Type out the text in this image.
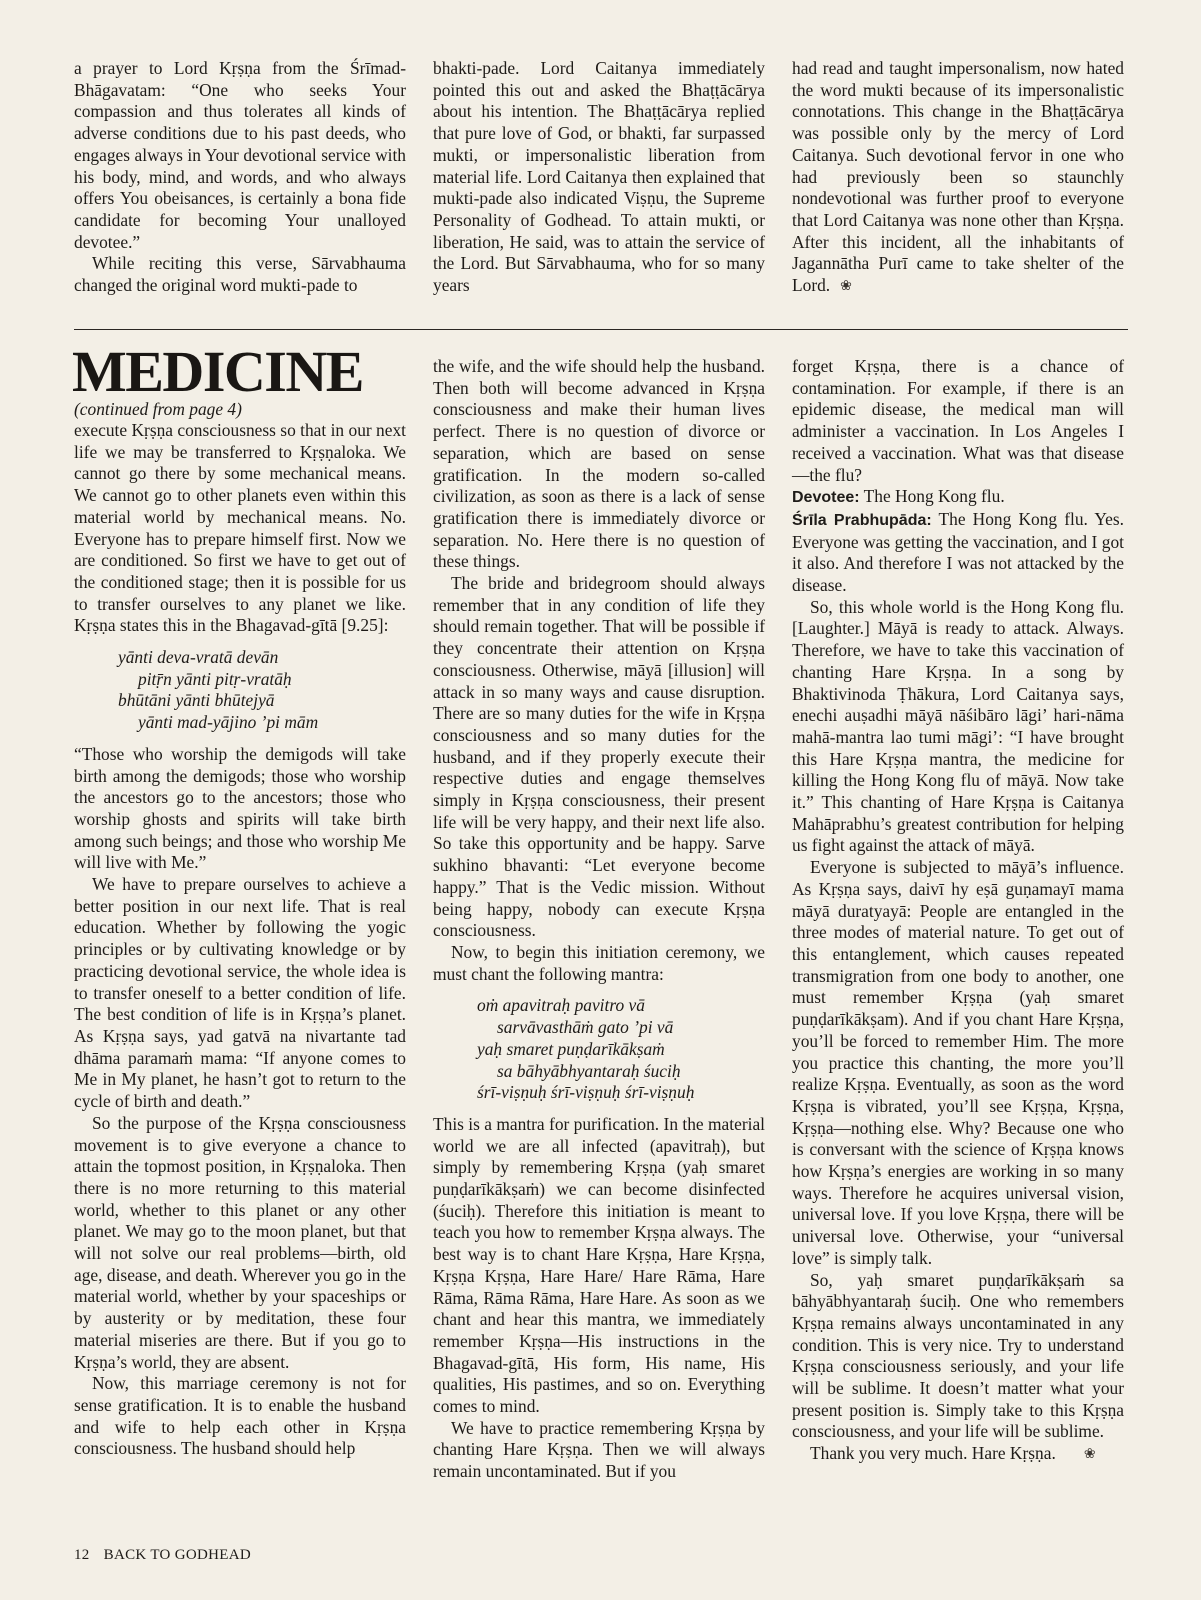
a prayer to Lord Kṛṣṇa from the Śrīmad-Bhāgavatam: “One who seeks Your compassion and thus tolerates all kinds of adverse conditions due to his past deeds, who engages always in Your devotional service with his body, mind, and words, and who always offers You obeisances, is certainly a bona fide candidate for becoming Your unalloyed devotee.”

While reciting this verse, Sārvabhauma changed the original word mukti-pade to

bhakti-pade. Lord Caitanya immediately pointed this out and asked the Bhaṭṭācārya about his intention. The Bhaṭṭācārya replied that pure love of God, or bhakti, far surpassed mukti, or impersonalistic liberation from material life. Lord Caitanya then explained that mukti-pade also indicated Viṣṇu, the Supreme Personality of Godhead. To attain mukti, or liberation, He said, was to attain the service of the Lord. But Sārvabhauma, who for so many years

had read and taught impersonalism, now hated the word mukti because of its impersonalistic connotations. This change in the Bhaṭṭācārya was possible only by the mercy of Lord Caitanya. Such devotional fervor in one who had previously been so staunchly nondevotional was further proof to everyone that Lord Caitanya was none other than Kṛṣṇa. After this incident, all the inhabitants of Jagannātha Purī came to take shelter of the Lord. ❀

MEDICINE
(continued from page 4)

execute Kṛṣṇa consciousness so that in our next life we may be transferred to Kṛṣṇaloka. We cannot go there by some mechanical means. We cannot go to other planets even within this material world by mechanical means. No. Everyone has to prepare himself first. Now we are conditioned. So first we have to get out of the conditioned stage; then it is possible for us to transfer ourselves to any planet we like. Kṛṣṇa states this in the Bhagavad-gītā [9.25]:

yānti deva-vratā devān
pitṝn yānti pitṛ-vratāḥ
bhūtāni yānti bhūtejyā
yānti mad-yājino ’pi mām

“Those who worship the demigods will take birth among the demigods; those who worship the ancestors go to the ancestors; those who worship ghosts and spirits will take birth among such beings; and those who worship Me will live with Me.”

We have to prepare ourselves to achieve a better position in our next life. That is real education. Whether by following the yogic principles or by cultivating knowledge or by practicing devotional service, the whole idea is to transfer oneself to a better condition of life. The best condition of life is in Kṛṣṇa’s planet. As Kṛṣṇa says, yad gatvā na nivartante tad dhāma paramaṁ mama: “If anyone comes to Me in My planet, he hasn’t got to return to the cycle of birth and death.”

So the purpose of the Kṛṣṇa consciousness movement is to give everyone a chance to attain the topmost position, in Kṛṣṇaloka. Then there is no more returning to this material world, whether to this planet or any other planet. We may go to the moon planet, but that will not solve our real problems—birth, old age, disease, and death. Wherever you go in the material world, whether by your spaceships or by austerity or by meditation, these four material miseries are there. But if you go to Kṛṣṇa’s world, they are absent.

Now, this marriage ceremony is not for sense gratification. It is to enable the husband and wife to help each other in Kṛṣṇa consciousness. The husband should help

the wife, and the wife should help the husband. Then both will become advanced in Kṛṣṇa consciousness and make their human lives perfect. There is no question of divorce or separation, which are based on sense gratification. In the modern so-called civilization, as soon as there is a lack of sense gratification there is immediately divorce or separation. No. Here there is no question of these things.

The bride and bridegroom should always remember that in any condition of life they should remain together. That will be possible if they concentrate their attention on Kṛṣṇa consciousness. Otherwise, māyā [illusion] will attack in so many ways and cause disruption. There are so many duties for the wife in Kṛṣṇa consciousness and so many duties for the husband, and if they properly execute their respective duties and engage themselves simply in Kṛṣṇa consciousness, their present life will be very happy, and their next life also. So take this opportunity and be happy. Sarve sukhino bhavanti: “Let everyone become happy.” That is the Vedic mission. Without being happy, nobody can execute Kṛṣṇa consciousness.

Now, to begin this initiation ceremony, we must chant the following mantra:

oṁ apavitraḥ pavitro vā
sarvāvasthāṁ gato ’pi vā
yaḥ smaret puṇḍarīkākṣaṁ
sa bāhyābhyantaraḥ śuciḥ
śrī-viṣṇuḥ śrī-viṣṇuḥ śrī-viṣṇuḥ

This is a mantra for purification. In the material world we are all infected (apavitraḥ), but simply by remembering Kṛṣṇa (yaḥ smaret puṇḍarīkākṣaṁ) we can become disinfected (śuciḥ). Therefore this initiation is meant to teach you how to remember Kṛṣṇa always. The best way is to chant Hare Kṛṣṇa, Hare Kṛṣṇa, Kṛṣṇa Kṛṣṇa, Hare Hare/ Hare Rāma, Hare Rāma, Rāma Rāma, Hare Hare. As soon as we chant and hear this mantra, we immediately remember Kṛṣṇa—His instructions in the Bhagavad-gītā, His form, His name, His qualities, His pastimes, and so on. Everything comes to mind.

We have to practice remembering Kṛṣṇa by chanting Hare Kṛṣṇa. Then we will always remain uncontaminated. But if you

forget Kṛṣṇa, there is a chance of contamination. For example, if there is an epidemic disease, the medical man will administer a vaccination. In Los Angeles I received a vaccination. What was that disease—the flu?

Devotee: The Hong Kong flu.

Śrīla Prabhupāda: The Hong Kong flu. Yes. Everyone was getting the vaccination, and I got it also. And therefore I was not attacked by the disease.

So, this whole world is the Hong Kong flu. [Laughter.] Māyā is ready to attack. Always. Therefore, we have to take this vaccination of chanting Hare Kṛṣṇa. In a song by Bhaktivinoda Ṭhākura, Lord Caitanya says, enechi auṣadhi māyā nāśibāro lāgi’ hari-nāma mahā-mantra lao tumi māgi’: “I have brought this Hare Kṛṣṇa mantra, the medicine for killing the Hong Kong flu of māyā. Now take it.” This chanting of Hare Kṛṣṇa is Caitanya Mahāprabhu’s greatest contribution for helping us fight against the attack of māyā.

Everyone is subjected to māyā’s influence. As Kṛṣṇa says, daivī hy eṣā guṇamayī mama māyā duratyayā: People are entangled in the three modes of material nature. To get out of this entanglement, which causes repeated transmigration from one body to another, one must remember Kṛṣṇa (yaḥ smaret puṇḍarīkākṣam). And if you chant Hare Kṛṣṇa, you’ll be forced to remember Him. The more you practice this chanting, the more you’ll realize Kṛṣṇa. Eventually, as soon as the word Kṛṣṇa is vibrated, you’ll see Kṛṣṇa, Kṛṣṇa, Kṛṣṇa—nothing else. Why? Because one who is conversant with the science of Kṛṣṇa knows how Kṛṣṇa’s energies are working in so many ways. Therefore he acquires universal vision, universal love. If you love Kṛṣṇa, there will be universal love. Otherwise, your “universal love” is simply talk.

So, yaḥ smaret puṇḍarīkākṣaṁ sa bāhyābhyantaraḥ śuciḥ. One who remembers Kṛṣṇa remains always uncontaminated in any condition. This is very nice. Try to understand Kṛṣṇa consciousness seriously, and your life will be sublime. It doesn’t matter what your present position is. Simply take to this Kṛṣṇa consciousness, and your life will be sublime.

Thank you very much. Hare Kṛṣṇa. ❀

12 BACK TO GODHEAD
